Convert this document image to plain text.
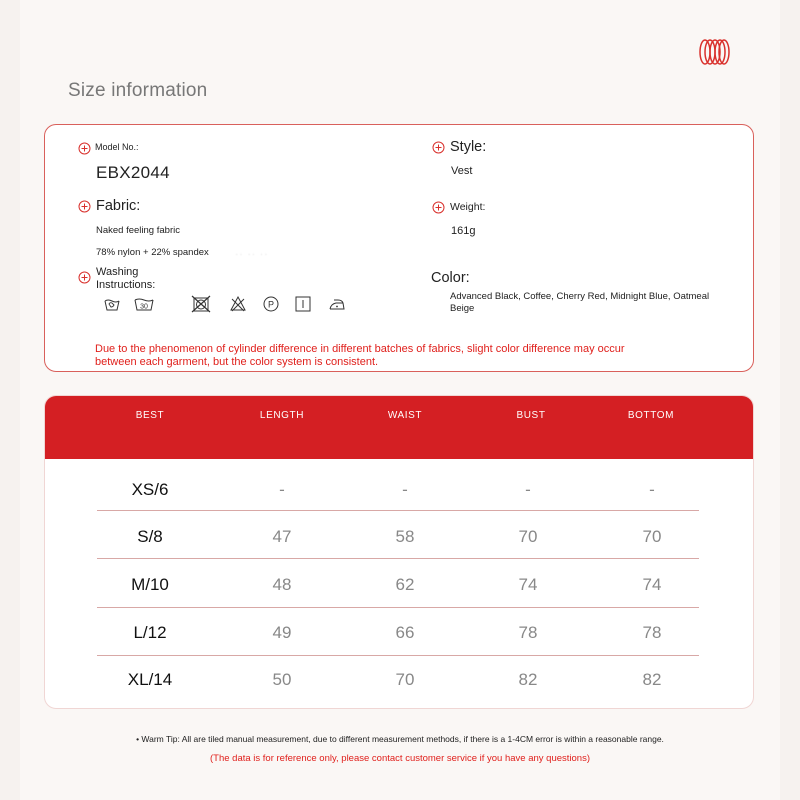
Size information
Model No.:
EBX2044
Style:
Vest
Fabric:
Naked feeling fabric
78% nylon + 22% spandex	·· ·· ··
Weight:
161g
Washing
Instructions:
30	P
Color:
Advanced Black, Coffee, Cherry Red, Midnight Blue, Oatmeal Beige
Due to the phenomenon of cylinder difference in different batches of fabrics, slight color difference may occur between each garment, but the color system is consistent.
BEST	LENGTH	WAIST	BUST	BOTTOM
XS/6	-	-	-	-
S/8	47	58	70	70
M/10	48	62	74	74
L/12	49	66	78	78
XL/14	50	70	82	82
• Warm Tip: All are tiled manual measurement, due to different measurement methods, if there is a 1-4CM error is within a reasonable range.
(The data is for reference only, please contact customer service if you have any questions)
